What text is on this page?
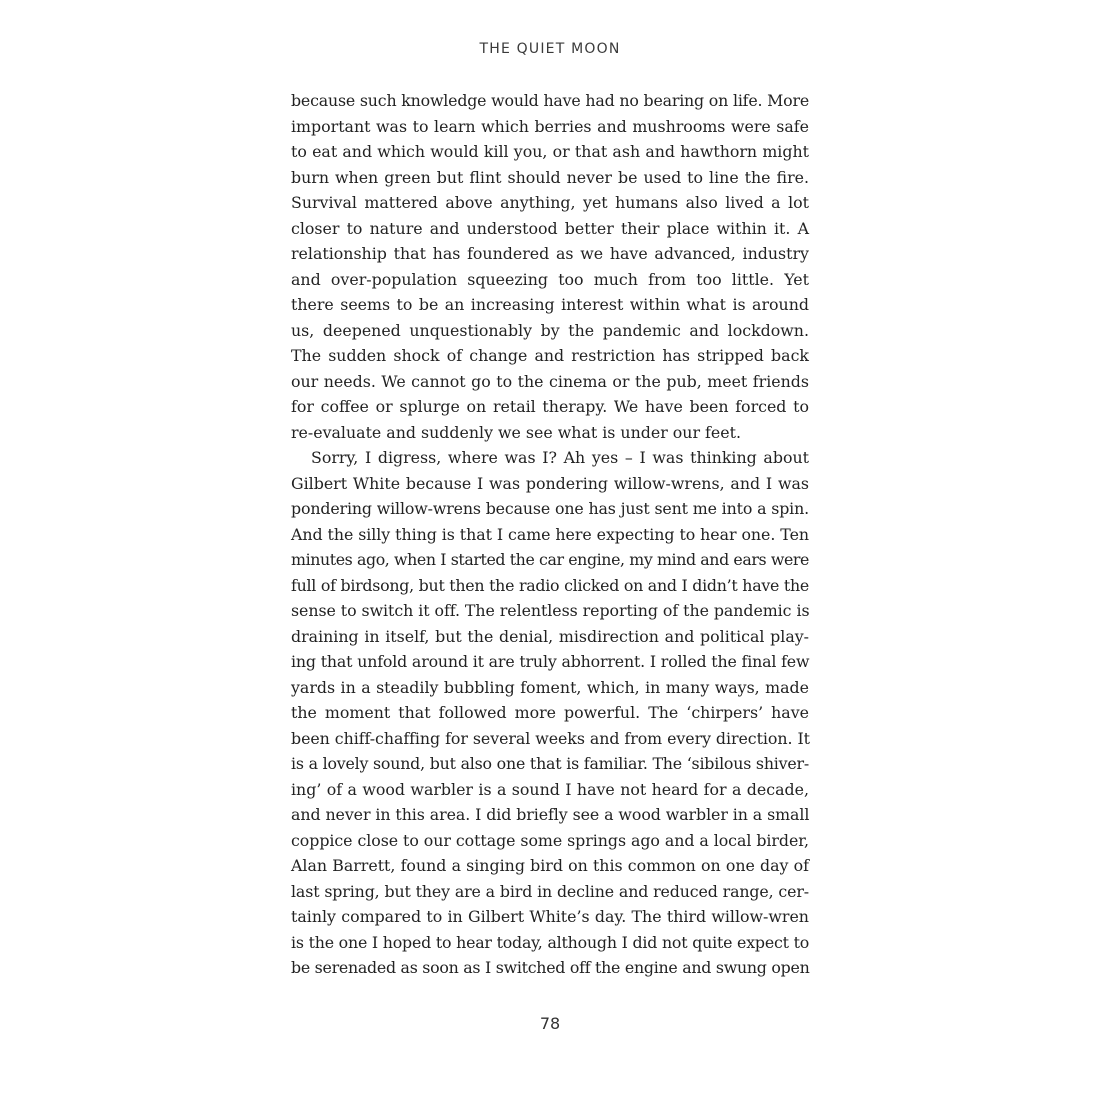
THE QUIET MOON

because such knowledge would have had no bearing on life. More
important was to learn which berries and mushrooms were safe
to eat and which would kill you, or that ash and hawthorn might
burn when green but flint should never be used to line the fire.
Survival mattered above anything, yet humans also lived a lot
closer to nature and understood better their place within it. A
relationship that has foundered as we have advanced, industry
and over-population squeezing too much from too little. Yet
there seems to be an increasing interest within what is around
us, deepened unquestionably by the pandemic and lockdown.
The sudden shock of change and restriction has stripped back
our needs. We cannot go to the cinema or the pub, meet friends
for coffee or splurge on retail therapy. We have been forced to
re-evaluate and suddenly we see what is under our feet.

Sorry, I digress, where was I? Ah yes – I was thinking about
Gilbert White because I was pondering willow-wrens, and I was
pondering willow-wrens because one has just sent me into a spin.
And the silly thing is that I came here expecting to hear one. Ten
minutes ago, when I started the car engine, my mind and ears were
full of birdsong, but then the radio clicked on and I didn’t have the
sense to switch it off. The relentless reporting of the pandemic is
draining in itself, but the denial, misdirection and political play-
ing that unfold around it are truly abhorrent. I rolled the final few
yards in a steadily bubbling foment, which, in many ways, made
the moment that followed more powerful. The ‘chirpers’ have
been chiff-chaffing for several weeks and from every direction. It
is a lovely sound, but also one that is familiar. The ‘sibilous shiver-
ing’ of a wood warbler is a sound I have not heard for a decade,
and never in this area. I did briefly see a wood warbler in a small
coppice close to our cottage some springs ago and a local birder,
Alan Barrett, found a singing bird on this common on one day of
last spring, but they are a bird in decline and reduced range, cer-
tainly compared to in Gilbert White’s day. The third willow-wren
is the one I hoped to hear today, although I did not quite expect to
be serenaded as soon as I switched off the engine and swung open

78
